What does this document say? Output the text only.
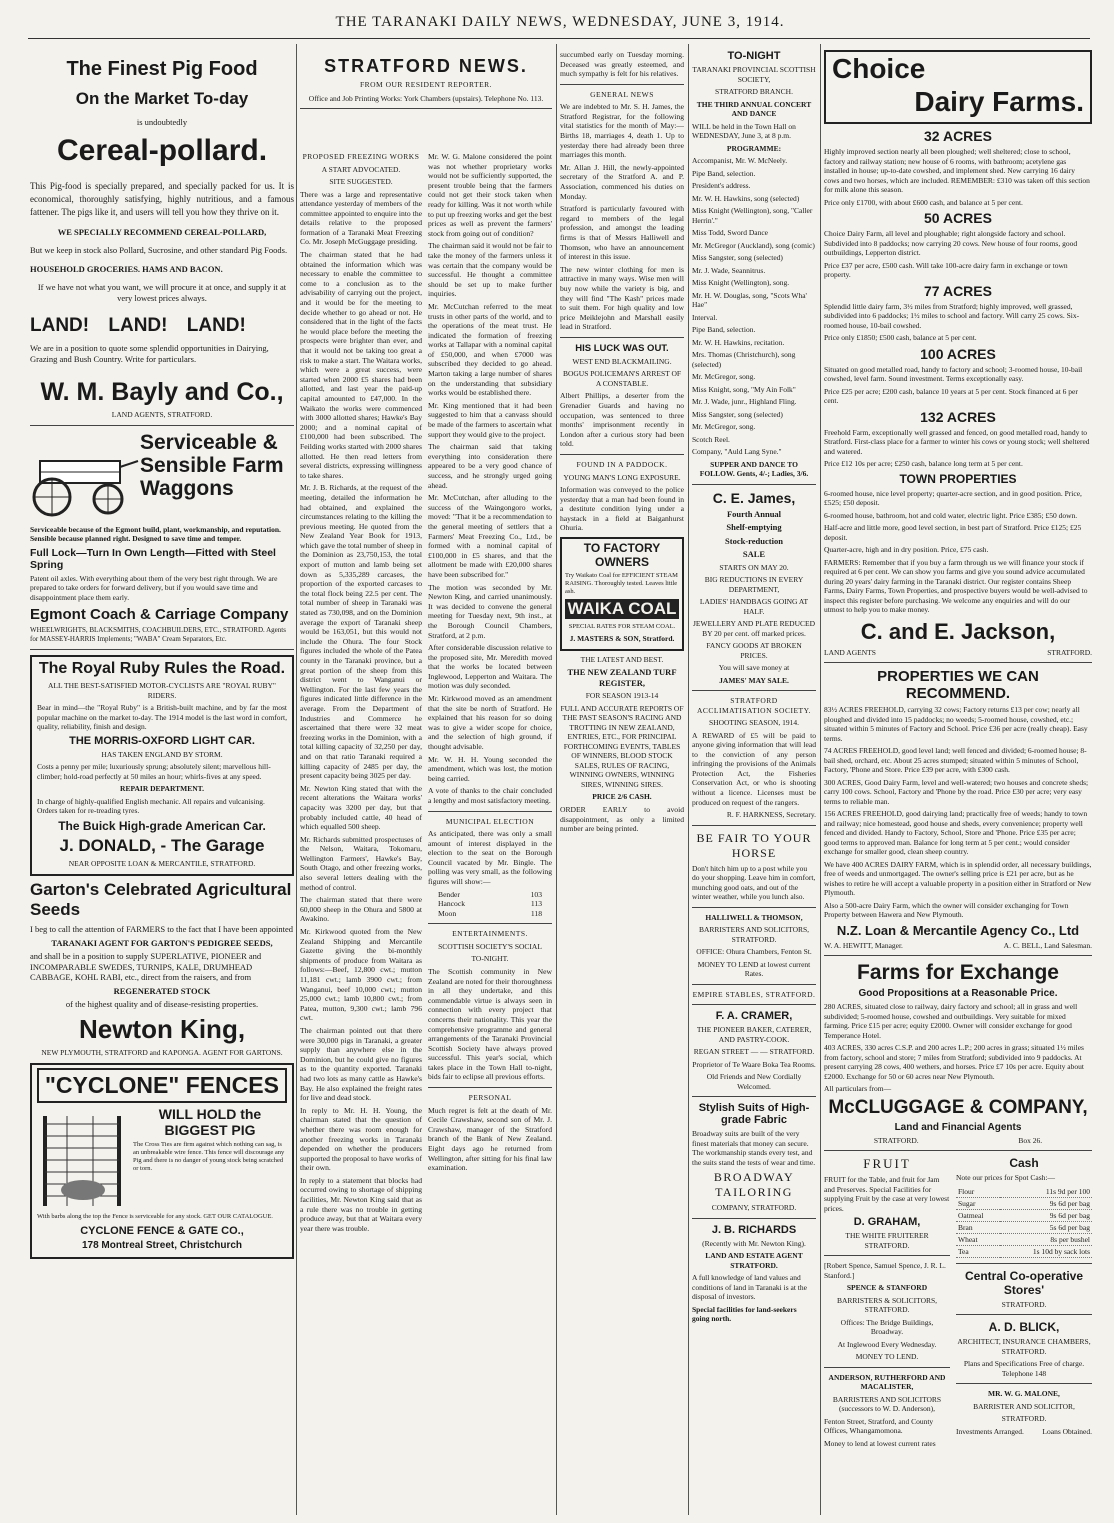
THE TARANAKI DAILY NEWS, WEDNESDAY, JUNE 3, 1914.

The Finest Pig Food

On the Market To-day

is undoubtedly

Cereal-pollard.

This Pig-food is specially prepared, and specially packed for us. It is economical, thoroughly satisfying, highly nutritious, and a famous fattener. The pigs like it, and users will tell you how they thrive on it.

WE SPECIALLY RECOMMEND CEREAL-POLLARD,

But we keep in stock also Pollard, Sucrosine, and other standard Pig Foods.

HOUSEHOLD GROCERIES. HAMS AND BACON.

If we have not what you want, we will procure it at once, and supply it at very lowest prices always.

LAND! LAND! LAND!

We are in a position to quote some splendid opportunities in Dairying, Grazing and Bush Country. Write for particulars.

W. M. Bayly and Co.,

LAND AGENTS, STRATFORD.

Serviceable & Sensible Farm Waggons

Serviceable because of the Egmont build, plant, workmanship, and reputation. Sensible because planned right. Designed to save time and temper.

Full Lock—Turn In Own Length—Fitted with Steel Spring

Patent oil axles. With everything about them of the very best right through. We are prepared to take orders for forward delivery, but if you would save time and disappointment place them early.

Egmont Coach & Carriage Company

WHEELWRIGHTS, BLACKSMITHS, COACHBUILDERS, ETC., STRATFORD. Agents for MASSEY-HARRIS Implements; "WABA" Cream Separators, Etc.

The Royal Ruby Rules the Road.

ALL THE BEST-SATISFIED MOTOR-CYCLISTS ARE "ROYAL RUBY" RIDERS.

Bear in mind—the "Royal Ruby" is a British-built machine, and by far the most popular machine on the market to-day. The 1914 model is the last word in comfort, quality, reliability, finish and design.

THE MORRIS-OXFORD LIGHT CAR.

HAS TAKEN ENGLAND BY STORM.

Costs a penny per mile; luxuriously sprung; absolutely silent; marvellous hill-climber; hold-road perfectly at 50 miles an hour; whirls-fives at any speed.

REPAIR DEPARTMENT.

In charge of highly-qualified English mechanic. All repairs and vulcanising. Orders taken for re-treading tyres.

The Buick High-grade American Car.

J. DONALD, - The Garage

NEAR OPPOSITE LOAN & MERCANTILE, STRATFORD.

Garton's Celebrated Agricultural Seeds

I beg to call the attention of FARMERS to the fact that I have been appointed

TARANAKI AGENT FOR GARTON'S PEDIGREE SEEDS,

and shall be in a position to supply SUPERLATIVE, PIONEER and INCOMPARABLE SWEDES, TURNIPS, KALE, DRUMHEAD CABBAGE, KOHL RABI, etc., direct from the raisers, and from

REGENERATED STOCK

of the highest quality and of disease-resisting properties.

Newton King,

NEW PLYMOUTH, STRATFORD and KAPONGA. AGENT FOR GARTONS.

"CYCLONE" FENCES

WILL HOLD the BIGGEST PIG

The Cross Ties are firm against which nothing can sag, is an unbreakable wire fence. This fence will discourage any Pig and there is no danger of young stock being scratched or torn.

With barbs along the top the Fence is serviceable for any stock. GET OUR CATALOGUE.

CYCLONE FENCE & GATE CO.,

178 Montreal Street, Christchurch

STRATFORD NEWS.

FROM OUR RESIDENT REPORTER.

Office and Job Printing Works: York Chambers (upstairs). Telephone No. 113.

PROPOSED FREEZING WORKS

A START ADVOCATED.

SITE SUGGESTED.

There was a large and representative attendance yesterday of members of the committee appointed to enquire into the details relative to the proposed formation of a Taranaki Meat Freezing Co. Mr. Joseph McGuggage presiding.

The chairman stated that he had obtained the information which was necessary to enable the committee to come to a conclusion as to the advisability of carrying out the project, and it would be for the meeting to decide whether to go ahead or not. He considered that in the light of the facts he would place before the meeting the prospects were brighter than ever, and that it would not be taking too great a risk to make a start. The Waitara works, which were a great success, were started when 2000 £5 shares had been allotted, and last year the paid-up capital amounted to £47,000. In the Waikato the works were commenced with 3000 allotted shares; Hawke's Bay 2000; and a nominal capital of £100,000 had been subscribed. The Feilding works started with 2000 shares allotted. He then read letters from several districts, expressing willingness to take shares.

Mr. J. B. Richards, at the request of the meeting, detailed the information he had obtained, and explained the circumstances relating to the killing the previous meeting. He quoted from the New Zealand Year Book for 1913, which gave the total number of sheep in the Dominion as 23,750,153, the total export of mutton and lamb being set down as 5,335,289 carcases, the proportion of the exported carcases to the total flock being 22.5 per cent. The total number of sheep in Taranaki was stated as 730,098, and on the Dominion average the export of Taranaki sheep would be 163,051, but this would not include the Ohura. The four Stock figures included the whole of the Patea county in the Taranaki province, but a great portion of the sheep from this district went to Wanganui or Wellington. For the last few years the figures indicated little difference in the average. From the Department of Industries and Commerce he ascertained that there were 32 meat freezing works in the Dominion, with a total killing capacity of 32,250 per day, and on that ratio Taranaki required a killing capacity of 2485 per day, the present capacity being 3025 per day.

Mr. Newton King stated that with the recent alterations the Waitara works' capacity was 3200 per day, but that probably included cattle, 40 head of which equalled 500 sheep.

Mr. Richards submitted prospectuses of the Nelson, Waitara, Tokomaru, Wellington Farmers', Hawke's Bay, South Otago, and other freezing works, also several letters dealing with the method of control.

The chairman stated that there were 60,000 sheep in the Ohura and 5800 at Awakino.

Mr. Kirkwood quoted from the New Zealand Shipping and Mercantile Gazette giving the bi-monthly shipments of produce from Waitara as follows:—Beef, 12,800 cwt.; mutton 11,181 cwt.; lamb 3900 cwt.; from Wanganui, beef 10,000 cwt.; mutton 25,000 cwt.; lamb 10,800 cwt.; from Patea, mutton, 9,300 cwt.; lamb 796 cwt.

The chairman pointed out that there were 30,000 pigs in Taranaki, a greater supply than anywhere else in the Dominion, but he could give no figures as to the quantity exported. Taranaki had two lots as many cattle as Hawke's Bay. He also explained the freight rates for live and dead stock.

In reply to Mr. H. H. Young, the chairman stated that the question of whether there was room enough for another freezing works in Taranaki depended on whether the producers supported the proposal to have works of their own.

In reply to a statement that blocks had occurred owing to shortage of shipping facilities, Mr. Newton King said that as a rule there was no trouble in getting produce away, but that at Waitara every year there was trouble.

Mr. W. G. Malone considered the point was not whether proprietary works would not be sufficiently supported, the present trouble being that the farmers could not get their stock taken when ready for killing. Was it not worth while to put up freezing works and get the best prices as well as prevent the farmers' stock from going out of condition?

The chairman said it would not be fair to take the money of the farmers unless it was certain that the company would be successful. He thought a committee should be set up to make further inquiries.

Mr. McCutchan referred to the meat trusts in other parts of the world, and to the operations of the meat trust. He indicated the formation of freezing works at Tallapar with a nominal capital of £50,000, and when £7000 was subscribed they decided to go ahead. Marton taking a large number of shares on the understanding that subsidiary works would be established there.

Mr. King mentioned that it had been suggested to him that a canvass should be made of the farmers to ascertain what support they would give to the project.

The chairman said that taking everything into consideration there appeared to be a very good chance of success, and he strongly urged going ahead.

Mr. McCutchan, after alluding to the success of the Waingongoro works, moved: "That it be a recommendation to the general meeting of settlers that a Farmers' Meat Freezing Co., Ltd., be formed with a nominal capital of £100,000 in £5 shares, and that the allotment be made with £20,000 shares have been subscribed for."

The motion was seconded by Mr. Newton King, and carried unanimously. It was decided to convene the general meeting for Tuesday next, 9th inst., at the Borough Council Chambers, Stratford, at 2 p.m.

After considerable discussion relative to the proposed site, Mr. Meredith moved that the works be located between Inglewood, Lepperton and Waitara. The motion was duly seconded.

Mr. Kirkwood moved as an amendment that the site be north of Stratford. He explained that his reason for so doing was to give a wider scope for choice, and the selection of high ground, if thought advisable.

Mr. W. H. H. Young seconded the amendment, which was lost, the motion being carried.

A vote of thanks to the chair concluded a lengthy and most satisfactory meeting.

MUNICIPAL ELECTION

As anticipated, there was only a small amount of interest displayed in the election to the seat on the Borough Council vacated by Mr. Bingle. The polling was very small, as the following figures will show:—

Bender	103
Hancock	113
Moon	118

ENTERTAINMENTS.

SCOTTISH SOCIETY'S SOCIAL

TO-NIGHT.

The Scottish community in New Zealand are noted for their thoroughness in all they undertake, and this commendable virtue is always seen in connection with every project that concerns their nationality. This year the comprehensive programme and general arrangements of the Taranaki Provincial Scottish Society have always proved successful. This year's social, which takes place in the Town Hall to-night, bids fair to eclipse all previous efforts.

PERSONAL

Much regret is felt at the death of Mr. Cecile Crawshaw, second son of Mr. J. Crawshaw, manager of the Stratford branch of the Bank of New Zealand. Eight days ago he returned from Wellington, after sitting for his final law examination.

succumbed early on Tuesday morning. Deceased was greatly esteemed, and much sympathy is felt for his relatives.

GENERAL NEWS

We are indebted to Mr. S. H. James, the Stratford Registrar, for the following vital statistics for the month of May:—Births 18, marriages 4, death 1. Up to yesterday there had already been three marriages this month.

Mr. Allan J. Hill, the newly-appointed secretary of the Stratford A. and P. Association, commenced his duties on Monday.

Stratford is particularly favoured with regard to members of the legal profession, and amongst the leading firms is that of Messrs Halliwell and Thomson, who have an announcement of interest in this issue.

The new winter clothing for men is attractive in many ways. Wise men will buy now while the variety is big, and they will find "The Kash" prices made to suit them. For high quality and low price Meiklejohn and Marshall easily lead in Stratford.

HIS LUCK WAS OUT.

WEST END BLACKMAILING.

BOGUS POLICEMAN'S ARREST OF A CONSTABLE.

Albert Phillips, a deserter from the Grenadier Guards and having no occupation, was sentenced to three months' imprisonment recently in London after a curious story had been told.

FOUND IN A PADDOCK.

YOUNG MAN'S LONG EXPOSURE.

Information was conveyed to the police yesterday that a man had been found in a destitute condition lying under a haystack in a field at Baiganhurst Ohuria.

TO FACTORY OWNERS

Try Waikato Coal for EFFICIENT STEAM RAISING. Thoroughly tested. Leaves little ash.

WAIKA COAL

SPECIAL RATES FOR STEAM COAL.

J. MASTERS & SON, Stratford.

THE LATEST AND BEST.

THE NEW ZEALAND TURF REGISTER,

FOR SEASON 1913-14

FULL AND ACCURATE REPORTS OF THE PAST SEASON'S RACING AND TROTTING IN NEW ZEALAND, ENTRIES, ETC., FOR PRINCIPAL FORTHCOMING EVENTS, TABLES OF WINNERS, BLOOD STOCK SALES, RULES OF RACING, WINNING OWNERS, WINNING SIRES, WINNING SIRES.

PRICE 2/6 CASH.

ORDER EARLY to avoid disappointment, as only a limited number are being printed.

TO-NIGHT

TARANAKI PROVINCIAL SCOTTISH SOCIETY,

STRATFORD BRANCH.

THE THIRD ANNUAL CONCERT AND DANCE

WILL be held in the Town Hall on WEDNESDAY, June 3, at 8 p.m.

PROGRAMME:

Accompanist, Mr. W. McNeely.

Pipe Band, selection.

President's address.

Mr. W. H. Hawkins, song (selected)

Miss Knight (Wellington), song, "Caller Herrin'."

Miss Todd, Sword Dance

Mr. McGregor (Auckland), song (comic)

Miss Sangster, song (selected)

Mr. J. Wade, Seannitrus.

Miss Knight (Wellington), song.

Mr. H. W. Douglas, song, "Scots Wha' Hae"

Interval.

Pipe Band, selection.

Mr. W. H. Hawkins, recitation.

Mrs. Thomas (Christchurch), song (selected)

Mr. McGregor, song.

Miss Knight, song, "My Ain Folk"

Mr. J. Wade, junr., Highland Fling.

Miss Sangster, song (selected)

Mr. McGregor, song.

Scotch Reel.

Company, "Auld Lang Syne."

SUPPER AND DANCE TO FOLLOW. Gents, 4/-; Ladies, 3/6.

C. E. James,

Fourth Annual

Shelf-emptying

Stock-reduction

SALE

STARTS ON MAY 20.

BIG REDUCTIONS IN EVERY DEPARTMENT,

LADIES' HANDBAGS GOING AT HALF.

JEWELLERY AND PLATE REDUCED BY 20 per cent. off marked prices.

FANCY GOODS AT BROKEN PRICES.

You will save money at

JAMES' MAY SALE.

STRATFORD ACCLIMATISATION SOCIETY.

SHOOTING SEASON, 1914.

A REWARD of £5 will be paid to anyone giving information that will lead to the conviction of any person infringing the provisions of the Animals Protection Act, the Fisheries Conservation Act, or who is shooting without a licence. Licenses must be produced on request of the rangers.

R. F. HARKNESS, Secretary.

BE FAIR TO YOUR HORSE

Don't hitch him up to a post while you do your shopping. Leave him in comfort, munching good oats, and out of the winter weather, while you lunch also.

HALLIWELL & THOMSON,

BARRISTERS AND SOLICITORS, STRATFORD.

OFFICE: Ohura Chambers, Fenton St.

MONEY TO LEND at lowest current Rates.

EMPIRE STABLES, STRATFORD.

F. A. CRAMER,

THE PIONEER BAKER, CATERER, AND PASTRY-COOK.

REGAN STREET — — STRATFORD.

Proprietor of Te Waare Boka Tea Rooms.

Old Friends and New Cordially Welcomed.

Stylish Suits of High-grade Fabric

Broadway suits are built of the very finest materials that money can secure. The workmanship stands every test, and the suits stand the tests of wear and time.

BROADWAY TAILORING

COMPANY, STRATFORD.

J. B. RICHARDS

(Recently with Mr. Newton King).

LAND AND ESTATE AGENT STRATFORD.

A full knowledge of land values and conditions of land in Taranaki is at the disposal of investors.

Special facilities for land-seekers going north.

Choice

Dairy Farms.

32 ACRES

Highly improved section nearly all been ploughed; well sheltered; close to school, factory and railway station; new house of 6 rooms, with bathroom; acetylene gas installed in house; up-to-date cowshed, and implement shed. New carrying 16 dairy cows and two horses, which are included. REMEMBER: £310 was taken off this section for milk alone this season.

Price only £1700, with about £600 cash, and balance at 5 per cent.

50 ACRES

Choice Dairy Farm, all level and ploughable; right alongside factory and school. Subdivided into 8 paddocks; now carrying 20 cows. New house of four rooms, good outbuildings, Lepperton district.

Price £37 per acre, £500 cash. Will take 100-acre dairy farm in exchange or town property.

77 ACRES

Splendid little dairy farm, 3½ miles from Stratford; highly improved, well grassed, subdivided into 6 paddocks; 1½ miles to school and factory. Will carry 25 cows. Six-roomed house, 10-bail cowshed.

Price only £1850; £500 cash, balance at 5 per cent.

100 ACRES

Situated on good metalled road, handy to factory and school; 3-roomed house, 10-bail cowshed, level farm. Sound investment. Terms exceptionally easy.

Price £25 per acre; £200 cash, balance 10 years at 5 per cent. Stock financed at 6 per cent.

132 ACRES

Freehold Farm, exceptionally well grassed and fenced, on good metalled road, handy to Stratford. First-class place for a farmer to winter his cows or young stock; well sheltered and watered.

Price £12 10s per acre; £250 cash, balance long term at 5 per cent.

TOWN PROPERTIES

6-roomed house, nice level property; quarter-acre section, and in good position. Price, £525; £50 deposit.

6-roomed house, bathroom, hot and cold water, electric light. Price £385; £50 down.

Half-acre and little more, good level section, in best part of Stratford. Price £125; £25 deposit.

Quarter-acre, high and in dry position. Price, £75 cash.

FARMERS: Remember that if you buy a farm through us we will finance your stock if required at 6 per cent. We can show you farms and give you sound advice accumulated during 20 years' dairy farming in the Taranaki district. Our register contains Sheep Farms, Dairy Farms, Town Properties, and prospective buyers would be well-advised to inspect this register before purchasing. We welcome any enquiries and will do our utmost to help you to make money.

C. and E. Jackson,

LAND AGENTS	STRATFORD.

PROPERTIES WE CAN RECOMMEND.

83½ ACRES FREEHOLD, carrying 32 cows; Factory returns £13 per cow; nearly all ploughed and divided into 15 paddocks; no weeds; 5-roomed house, cowshed, etc.; situated within 5 minutes of Factory and School. Price £36 per acre (really cheap). Easy terms.

74 ACRES FREEHOLD, good level land; well fenced and divided; 6-roomed house; 8-bail shed, orchard, etc. About 25 acres stumped; situated within 5 minutes of School, Factory, 'Phone and Store. Price £39 per acre, with £300 cash.

300 ACRES, Good Dairy Farm, level and well-watered; two houses and concrete sheds; carry 100 cows. School, Factory and 'Phone by the road. Price £30 per acre; very easy terms to reliable man.

156 ACRES FREEHOLD, good dairying land; practically free of weeds; handy to town and railway; nice homestead, good house and sheds, every convenience; property well fenced and divided. Handy to Factory, School, Store and 'Phone. Price £35 per acre; good terms to approved man. Balance for long term at 5 per cent.; would consider exchange for smaller good, clean sheep country.

We have 400 ACRES DAIRY FARM, which is in splendid order, all necessary buildings, free of weeds and unmortgaged. The owner's selling price is £21 per acre, but as he wishes to retire he will accept a valuable property in a position either in Stratford or New Plymouth.

Also a 500-acre Dairy Farm, which the owner will consider exchanging for Town Property between Hawera and New Plymouth.

N.Z. Loan & Mercantile Agency Co., Ltd

W. A. HEWITT, Manager.	A. C. BELL, Land Salesman.

Farms for Exchange

Good Propositions at a Reasonable Price.

280 ACRES, situated close to railway, dairy factory and school; all in grass and well subdivided; 5-roomed house, cowshed and outbuildings. Very suitable for mixed farming. Price £15 per acre; equity £2000. Owner will consider exchange for good Temperance Hotel.

403 ACRES, 330 acres C.S.P. and 200 acres L.P.; 200 acres in grass; situated 1½ miles from factory, school and store; 7 miles from Stratford; subdivided into 9 paddocks. At present carrying 28 cows, 400 wethers, and horses. Price £7 10s per acre. Equity about £2000. Exchange for 50 or 60 acres near New Plymouth.

All particulars from—

McCLUGGAGE & COMPANY,

Land and Financial Agents

STRATFORD.	Box 26.

FRUIT

FRUIT for the Table, and fruit for Jam and Preserves. Special Facilities for supplying Fruit by the case at very lowest prices.

D. GRAHAM,

THE WHITE FRUITERER STRATFORD.

[Robert Spence, Samuel Spence, J. R. L. Stanford.]

SPENCE & STANFORD

BARRISTERS & SOLICITORS, STRATFORD.

Offices: The Bridge Buildings, Broadway.

At Inglewood Every Wednesday.

MONEY TO LEND.

ANDERSON, RUTHERFORD AND MACALISTER,

BARRISTERS AND SOLICITORS (successors to W. D. Anderson),

Fenton Street, Stratford, and County Offices, Whangamomona.

Money to lend at lowest current rates

Cash

Note our prices for Spot Cash:—

Flour	11s 9d per 100
Sugar	9s 6d per bag
Oatmeal	9s 6d per bag
Bran	5s 6d per bag
Wheat	8s per bushel
Tea	1s 10d by sack lots

Central Co-operative Stores'

STRATFORD.

A. D. BLICK,

ARCHITECT, INSURANCE CHAMBERS, STRATFORD.

Plans and Specifications Free of charge. Telephone 148

MR. W. G. MALONE,

BARRISTER AND SOLICITOR,

STRATFORD.

Investments Arranged. Loans Obtained.
